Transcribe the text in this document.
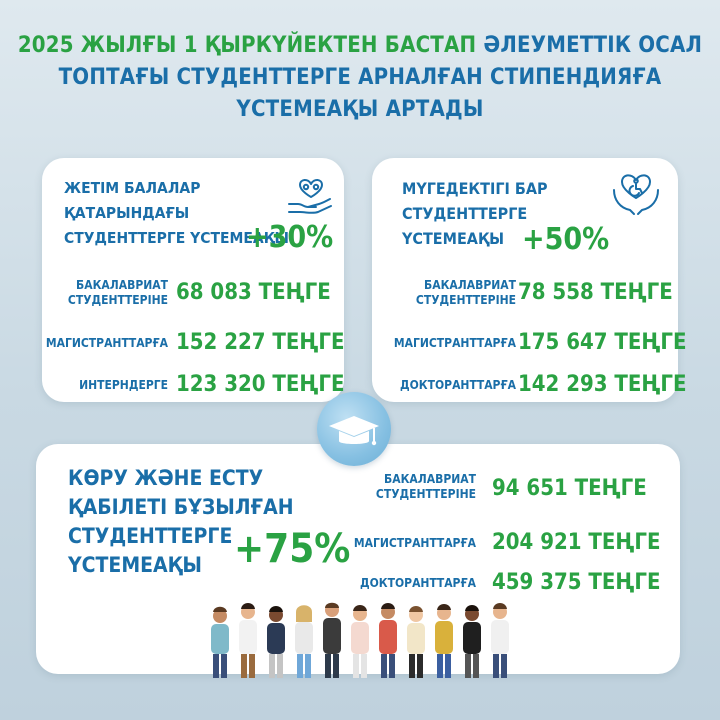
2025 ЖЫЛҒЫ 1 ҚЫРКҮЙЕКТЕН БАСТАП ӘЛЕУМЕТТІК ОСАЛ
ТОПТАҒЫ СТУДЕНТТЕРГЕ АРНАЛҒАН СТИПЕНДИЯҒА
ҮСТЕМЕАҚЫ АРТАДЫ
ЖЕТІМ БАЛАЛАР
ҚАТАРЫНДАҒЫ
СТУДЕНТТЕРГЕ ҮСТЕМЕАҚЫ
+30%
БАКАЛАВРИАТ
СТУДЕНТТЕРІНЕ 68 083 ТЕҢГЕ
МАГИСТРАНТТАРҒА 152 227 ТЕҢГЕ
ИНТЕРНДЕРГЕ 123 320 ТЕҢГЕ
МҮГЕДЕКТІГІ БАР
СТУДЕНТТЕРГЕ
ҮСТЕМЕАҚЫ +50%
БАКАЛАВРИАТ
СТУДЕНТТЕРІНЕ 78 558 ТЕҢГЕ
МАГИСТРАНТТАРҒА 175 647 ТЕҢГЕ
ДОКТОРАНТТАРҒА 142 293 ТЕҢГЕ
КӨРУ ЖӘНЕ ЕСТУ
ҚАБІЛЕТІ БҰЗЫЛҒАН
СТУДЕНТТЕРГЕ
ҮСТЕМЕАҚЫ +75%
БАКАЛАВРИАТ
СТУДЕНТТЕРІНЕ 94 651 ТЕҢГЕ
МАГИСТРАНТТАРҒА 204 921 ТЕҢГЕ
ДОКТОРАНТТАРҒА 459 375 ТЕҢГЕ
